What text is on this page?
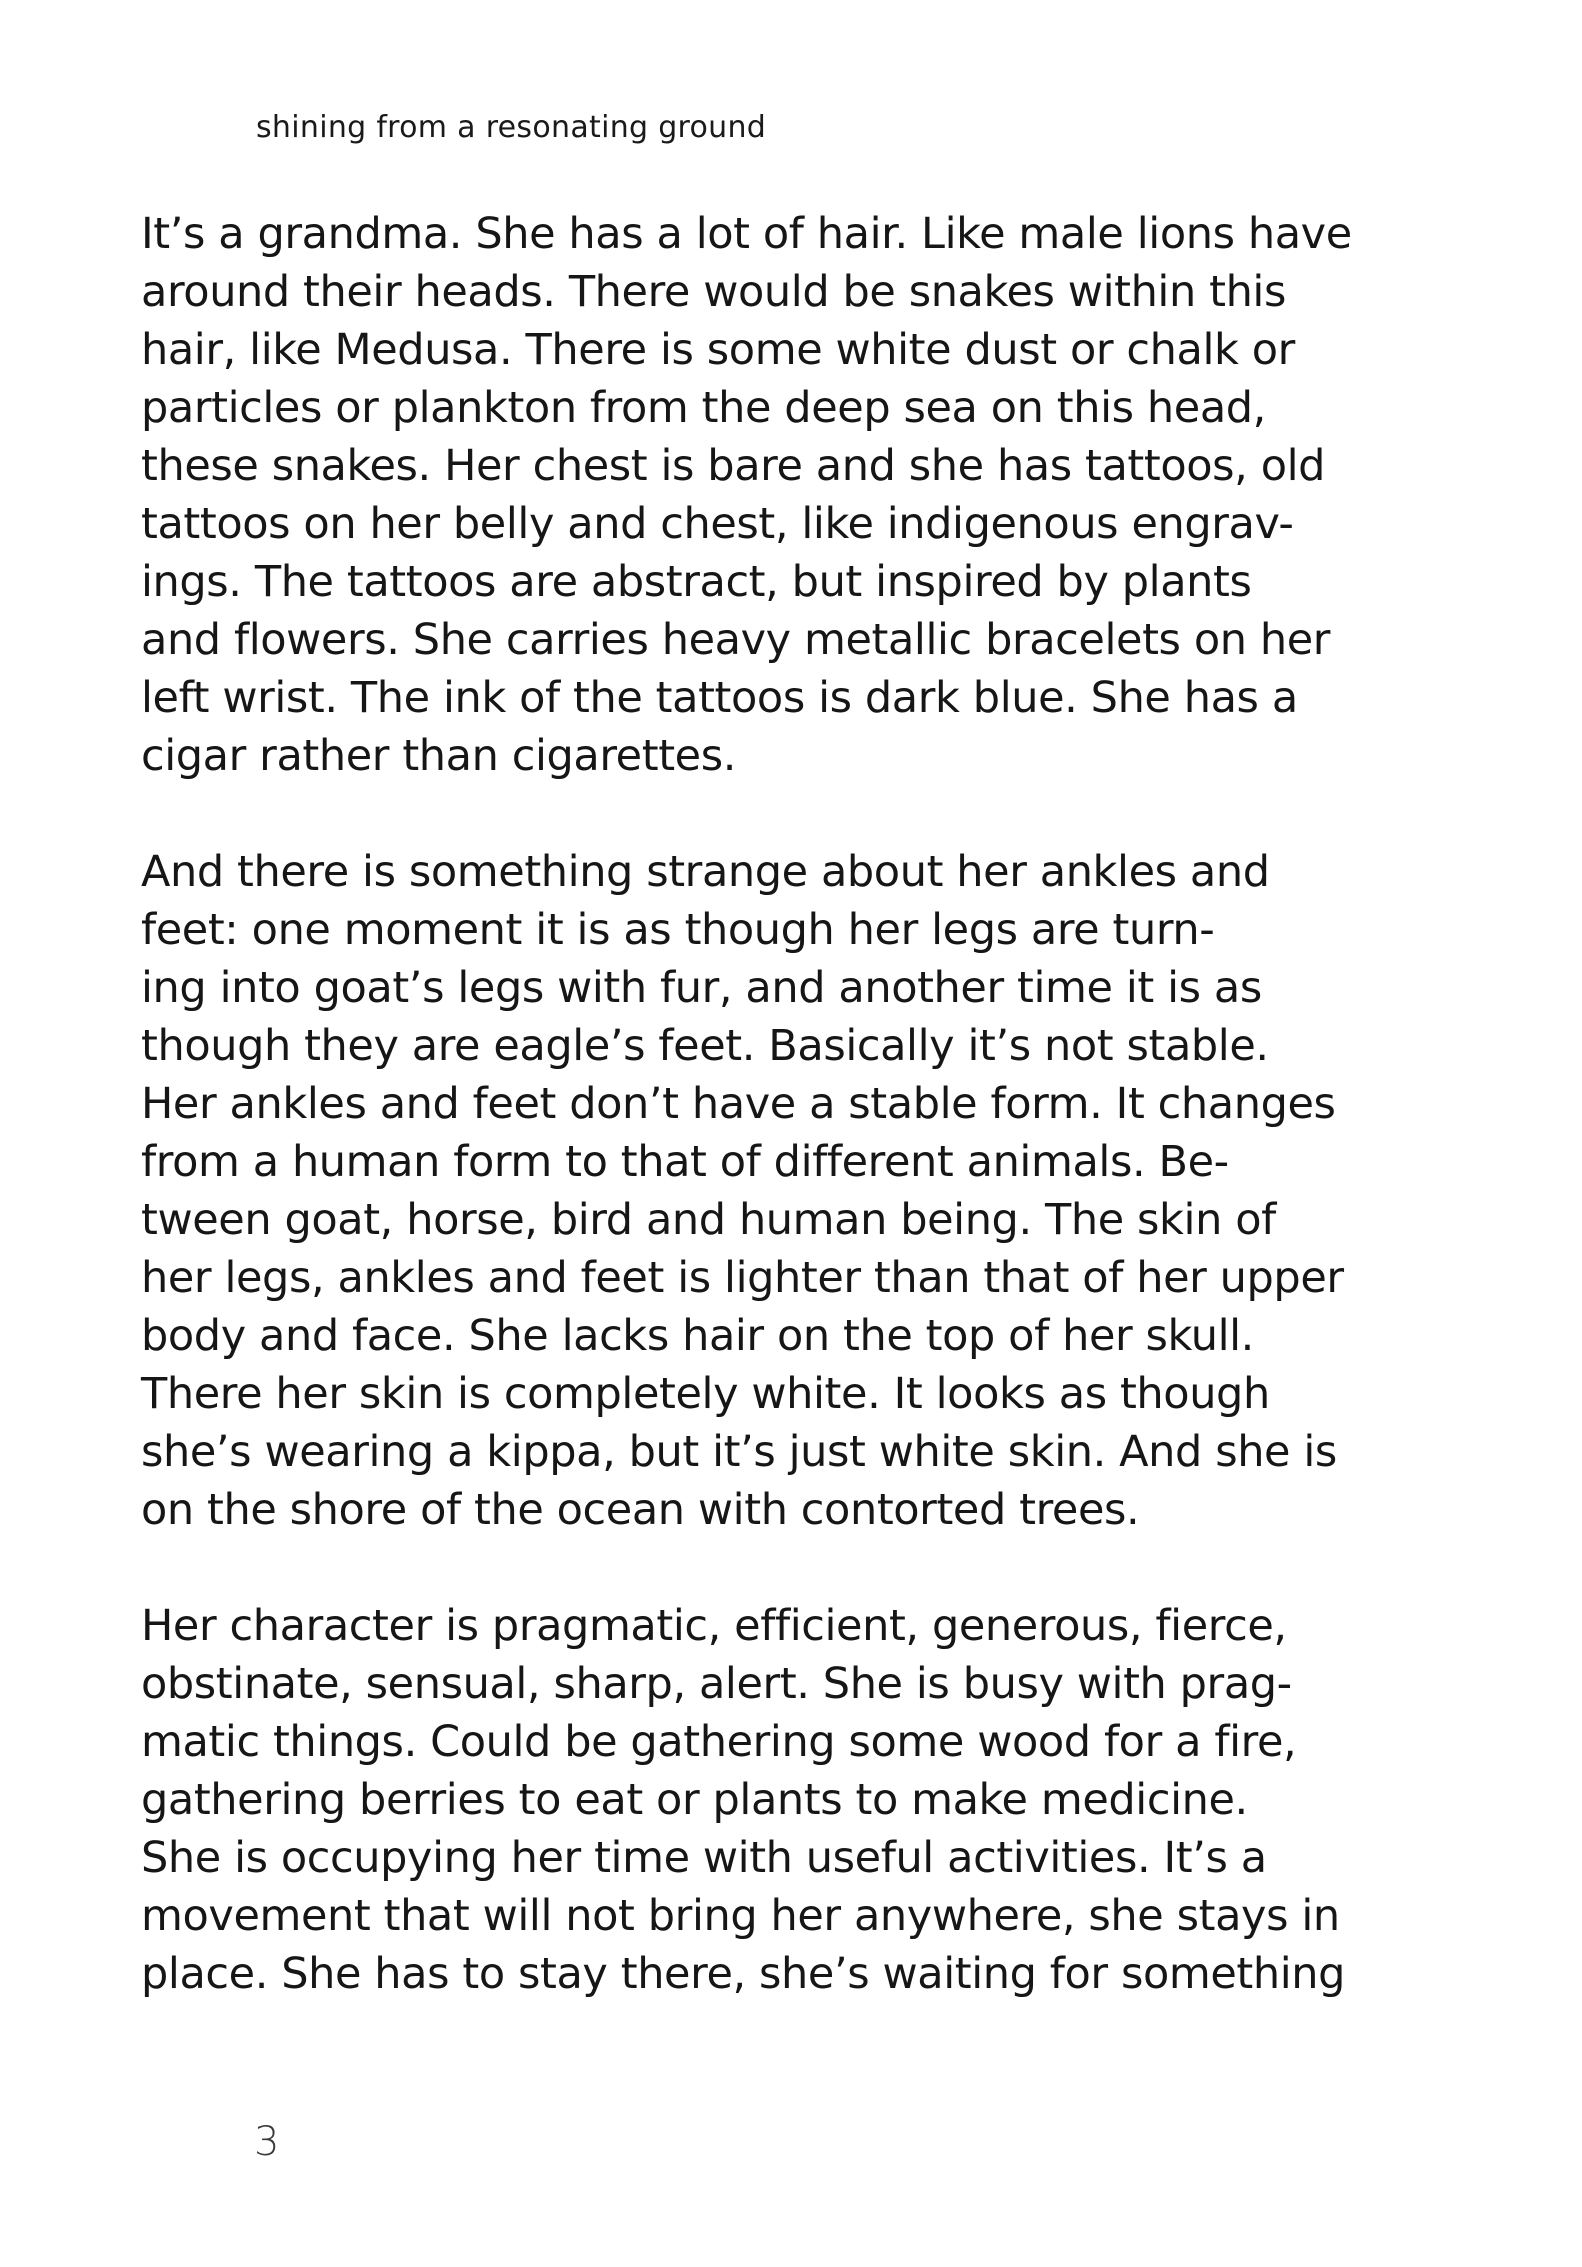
shining from a resonating ground

It’s a grandma. She has a lot of hair. Like male lions have
around their heads. There would be snakes within this
hair, like Medusa. There is some white dust or chalk or
particles or plankton from the deep sea on this head,
these snakes. Her chest is bare and she has tattoos, old
tattoos on her belly and chest, like indigenous engrav-
ings. The tattoos are abstract, but inspired by plants
and flowers. She carries heavy metallic bracelets on her
left wrist. The ink of the tattoos is dark blue. She has a
cigar rather than cigarettes.

And there is something strange about her ankles and
feet: one moment it is as though her legs are turn-
ing into goat’s legs with fur, and another time it is as
though they are eagle’s feet. Basically it’s not stable.
Her ankles and feet don’t have a stable form. It changes
from a human form to that of different animals. Be-
tween goat, horse, bird and human being. The skin of
her legs, ankles and feet is lighter than that of her upper
body and face. She lacks hair on the top of her skull.
There her skin is completely white. It looks as though
she’s wearing a kippa, but it’s just white skin. And she is
on the shore of the ocean with contorted trees.

Her character is pragmatic, efficient, generous, fierce,
obstinate, sensual, sharp, alert. She is busy with prag-
matic things. Could be gathering some wood for a fire,
gathering berries to eat or plants to make medicine.
She is occupying her time with useful activities. It’s a
movement that will not bring her anywhere, she stays in
place. She has to stay there, she’s waiting for something

3
